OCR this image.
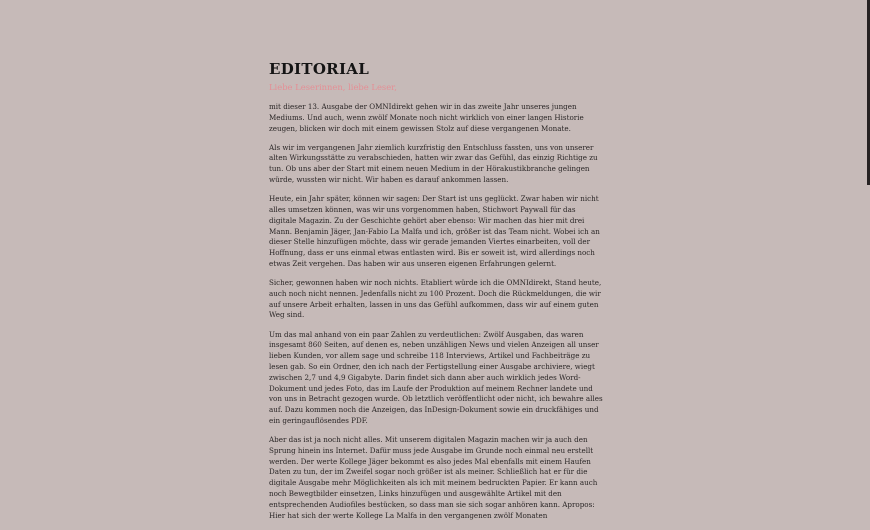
EDITORIAL
Liebe Leserinnen, liebe Leser,

mit dieser 13. Ausgabe der OMNIdirekt gehen wir in das zweite Jahr unseres jungen Mediums. Und auch, wenn zwölf Monate noch nicht wirklich von einer langen Historie zeugen, blicken wir doch mit einem gewissen Stolz auf diese vergangenen Monate.

Als wir im vergangenen Jahr ziemlich kurzfristig den Entschluss fassten, uns von unserer alten Wirkungsstätte zu verabschieden, hatten wir zwar das Gefühl, das einzig Richtige zu tun. Ob uns aber der Start mit einem neuen Medium in der Hörakustikbranche gelingen würde, wussten wir nicht. Wir haben es darauf ankommen lassen.

Heute, ein Jahr später, können wir sagen: Der Start ist uns geglückt. Zwar haben wir nicht alles umsetzen können, was wir uns vorgenommen haben, Stichwort Paywall für das digitale Magazin. Zu der Geschichte gehört aber ebenso: Wir machen das hier mit drei Mann. Benjamin Jäger, Jan-Fabio La Malfa und ich, größer ist das Team nicht. Wobei ich an dieser Stelle hinzufügen möchte, dass wir gerade jemanden Viertes einarbeiten, voll der Hoffnung, dass er uns einmal etwas entlasten wird. Bis er soweit ist, wird allerdings noch etwas Zeit vergehen. Das haben wir aus unseren eigenen Erfahrungen gelernt.

Sicher, gewonnen haben wir noch nichts. Etabliert würde ich die OMNIdirekt, Stand heute, auch noch nicht nennen. Jedenfalls nicht zu 100 Prozent. Doch die Rückmeldungen, die wir auf unsere Arbeit erhalten, lassen in uns das Gefühl aufkommen, dass wir auf einem guten Weg sind.

Um das mal anhand von ein paar Zahlen zu verdeutlichen: Zwölf Ausgaben, das waren insgesamt 860 Seiten, auf denen es, neben unzähligen News und vielen Anzeigen all unser lieben Kunden, vor allem sage und schreibe 118 Interviews, Artikel und Fachbeiträge zu lesen gab. So ein Ordner, den ich nach der Fertigstellung einer Ausgabe archiviere, wiegt zwischen 2,7 und 4,9 Gigabyte. Darin findet sich dann aber auch wirklich jedes Word-Dokument und jedes Foto, das im Laufe der Produktion auf meinem Rechner landete und von uns in Betracht gezogen wurde. Ob letztlich veröffentlicht oder nicht, ich bewahre alles auf. Dazu kommen noch die Anzeigen, das InDesign-Dokument sowie ein druckfähiges und ein geringauflösendes PDF.

Aber das ist ja noch nicht alles. Mit unserem digitalen Magazin machen wir ja auch den Sprung hinein ins Internet. Dafür muss jede Ausgabe im Grunde noch einmal neu erstellt werden. Der werte Kollege Jäger bekommt es also jedes Mal ebenfalls mit einem Haufen Daten zu tun, der im Zweifel sogar noch größer ist als meiner. Schließlich hat er für die digitale Ausgabe mehr Möglichkeiten als ich mit meinem bedruckten Papier. Er kann auch noch Bewegtbilder einsetzen, Links hinzufügen und ausgewählte Artikel mit den entsprechenden Audiofiles bestücken, so dass man sie sich sogar anhören kann. Apropos: Hier hat sich der werte Kollege La Malfa in den vergangenen zwölf Monaten
